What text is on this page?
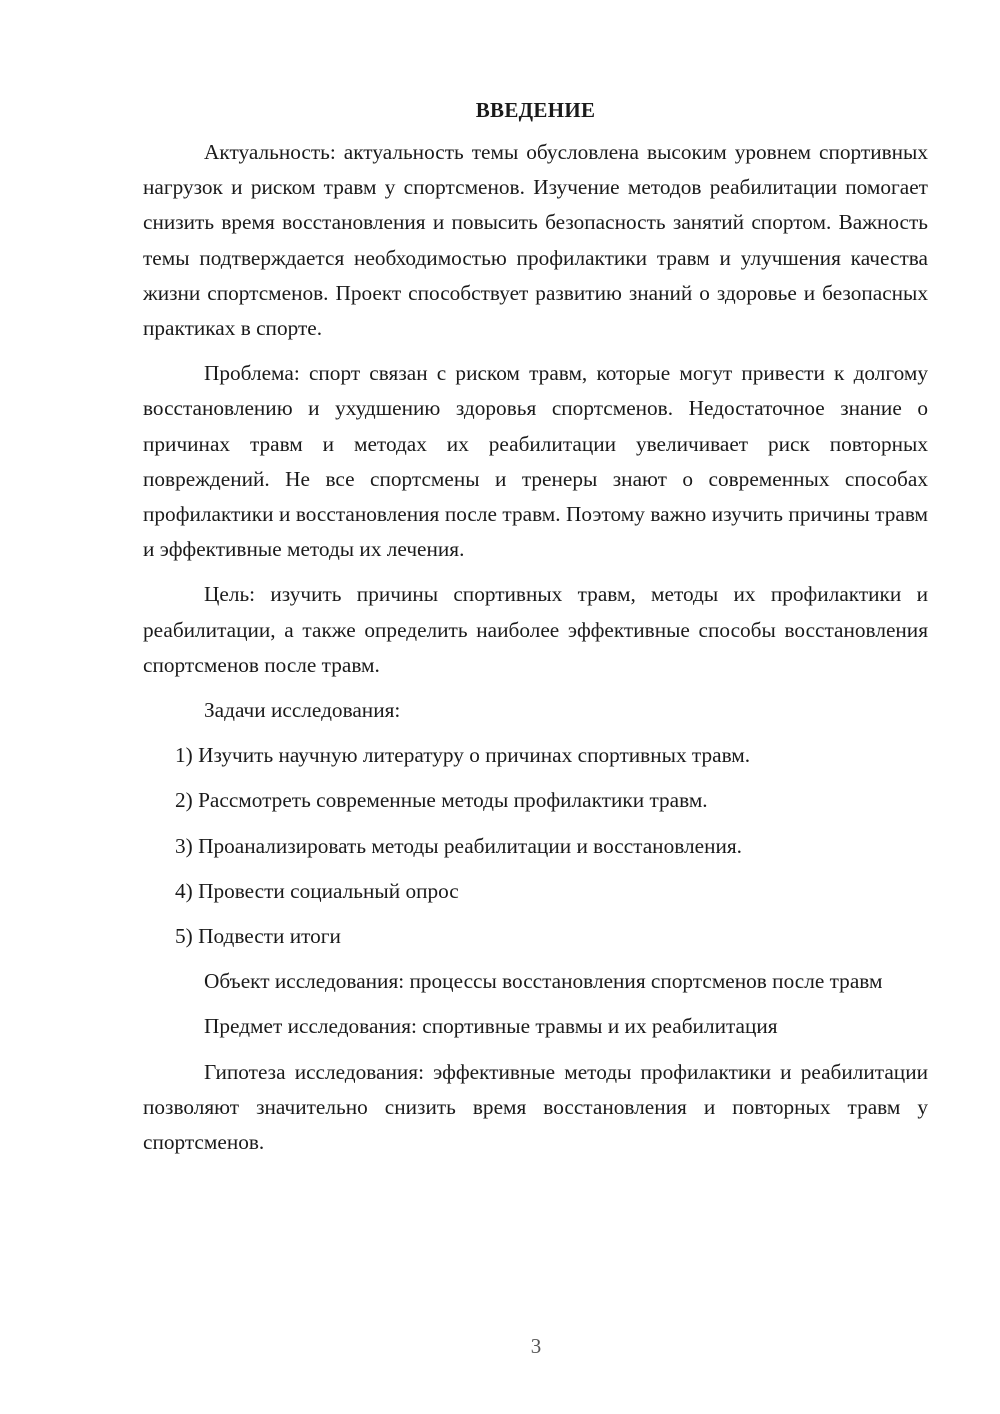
ВВЕДЕНИЕ

Актуальность: актуальность темы обусловлена высоким уровнем спортивных нагрузок и риском травм у спортсменов. Изучение методов реабилитации помогает снизить время восстановления и повысить безопасность занятий спортом. Важность темы подтверждается необходимостью профилактики травм и улучшения качества жизни спортсменов. Проект способствует развитию знаний о здоровье и безопасных практиках в спорте.

Проблема: спорт связан с риском травм, которые могут привести к долгому восстановлению и ухудшению здоровья спортсменов. Недостаточное знание о причинах травм и методах их реабилитации увеличивает риск повторных повреждений. Не все спортсмены и тренеры знают о современных способах профилактики и восстановления после травм. Поэтому важно изучить причины травм и эффективные методы их лечения.

Цель: изучить причины спортивных травм, методы их профилактики и реабилитации, а также определить наиболее эффективные способы восстановления спортсменов после травм.

Задачи исследования:

1) Изучить научную литературу о причинах спортивных травм.
2) Рассмотреть современные методы профилактики травм.
3) Проанализировать методы реабилитации и восстановления.
4) Провести социальный опрос
5) Подвести итоги

Объект исследования: процессы восстановления спортсменов после травм

Предмет исследования: спортивные травмы и их реабилитация

Гипотеза исследования: эффективные методы профилактики и реабилитации позволяют значительно снизить время восстановления и повторных травм у спортсменов.

3
